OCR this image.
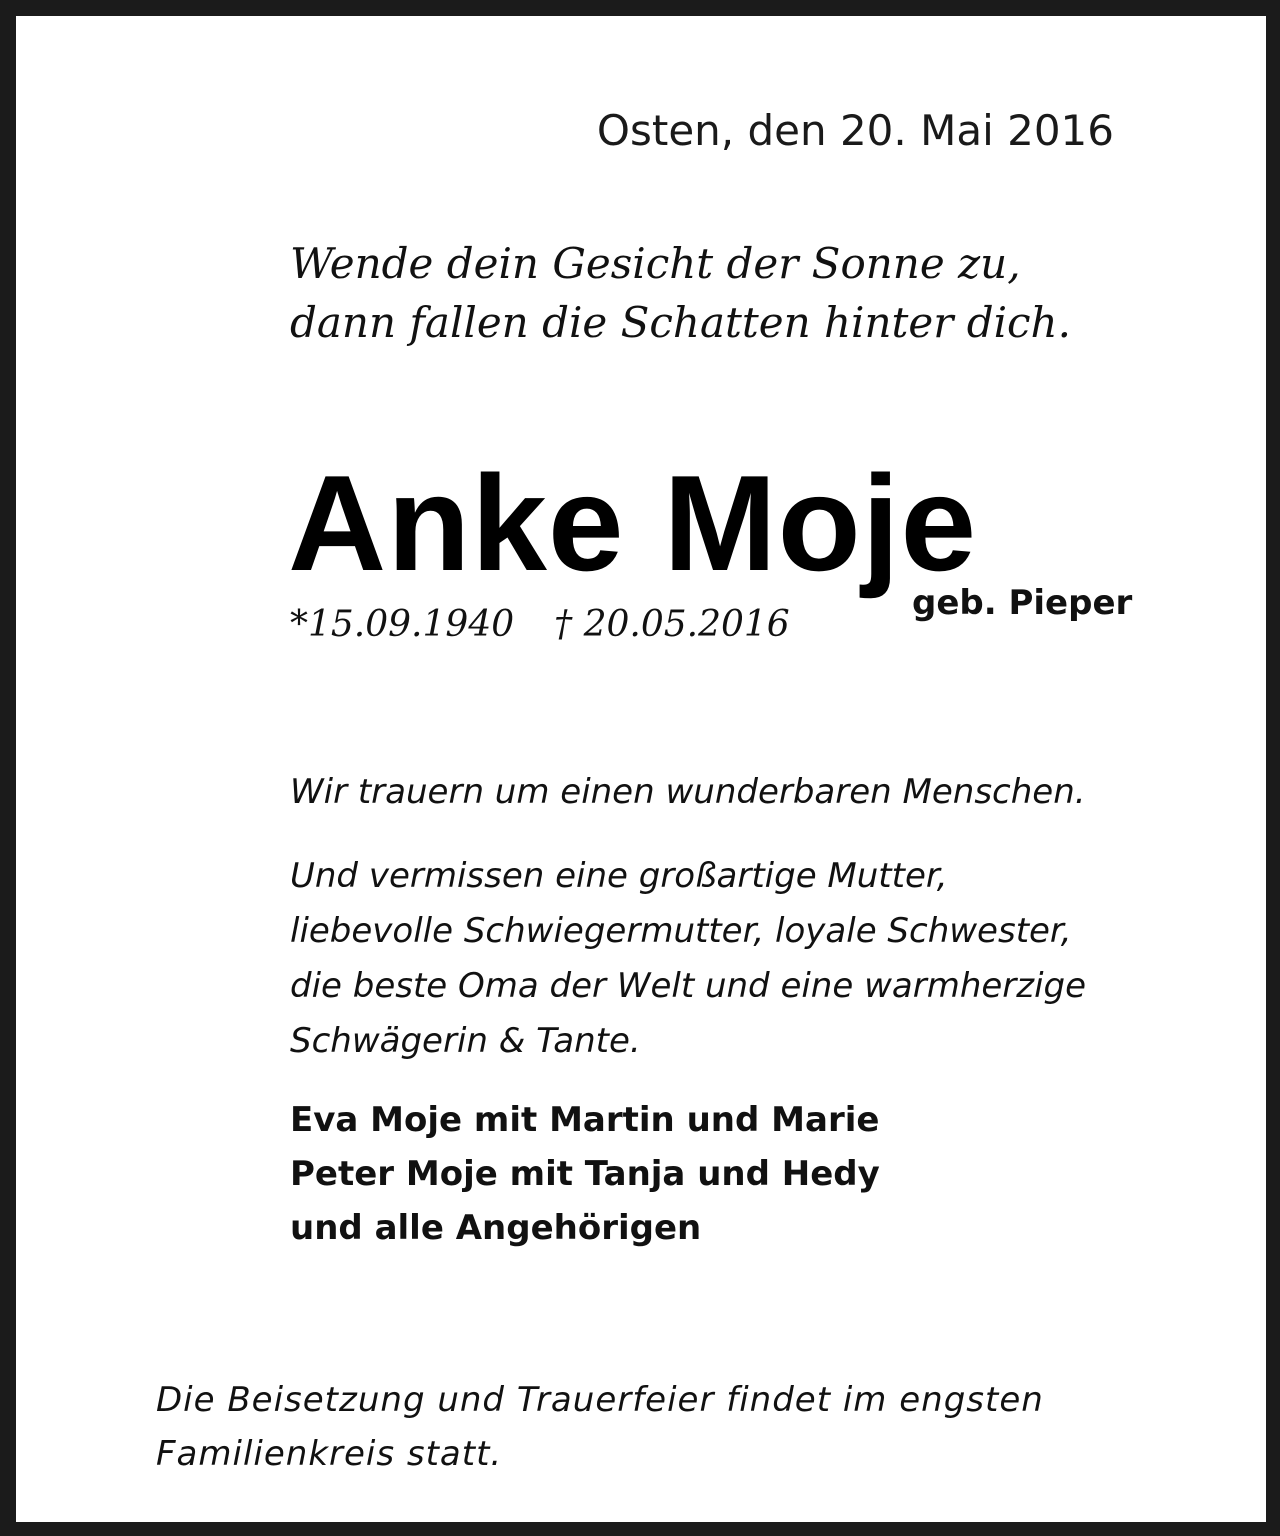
Osten, den 20. Mai 2016

Wende dein Gesicht der Sonne zu,
dann fallen die Schatten hinter dich.
Anke Moje
geb. Pieper
*15.09.1940 † 20.05.2016

Wir trauern um einen wunderbaren Menschen.

Und vermissen eine großartige Mutter,
liebevolle Schwiegermutter, loyale Schwester,
die beste Oma der Welt und eine warmherzige
Schwägerin & Tante.
Eva Moje mit Martin und Marie
Peter Moje mit Tanja und Hedy
und alle Angehörigen
Die Beisetzung und Trauerfeier findet im engsten
Familienkreis statt.
